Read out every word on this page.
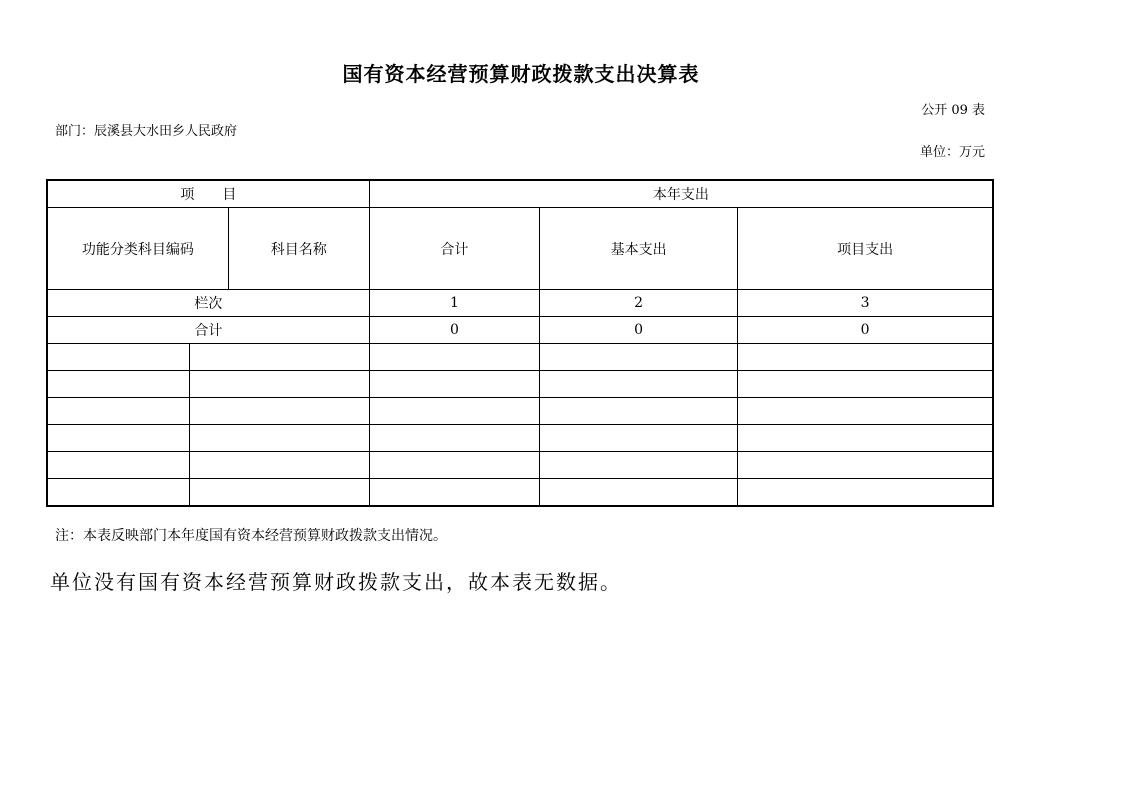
国有资本经营预算财政拨款支出决算表
公开 09 表
部门：辰溪县大水田乡人民政府
单位：万元
项　　目			本年支出		
功能分类科目编码		科目名称	合计	基本支出	项目支出
栏次			1	2	3
合计			0	0	0

注：本表反映部门本年度国有资本经营预算财政拨款支出情况。
单位没有国有资本经营预算财政拨款支出，故本表无数据。
